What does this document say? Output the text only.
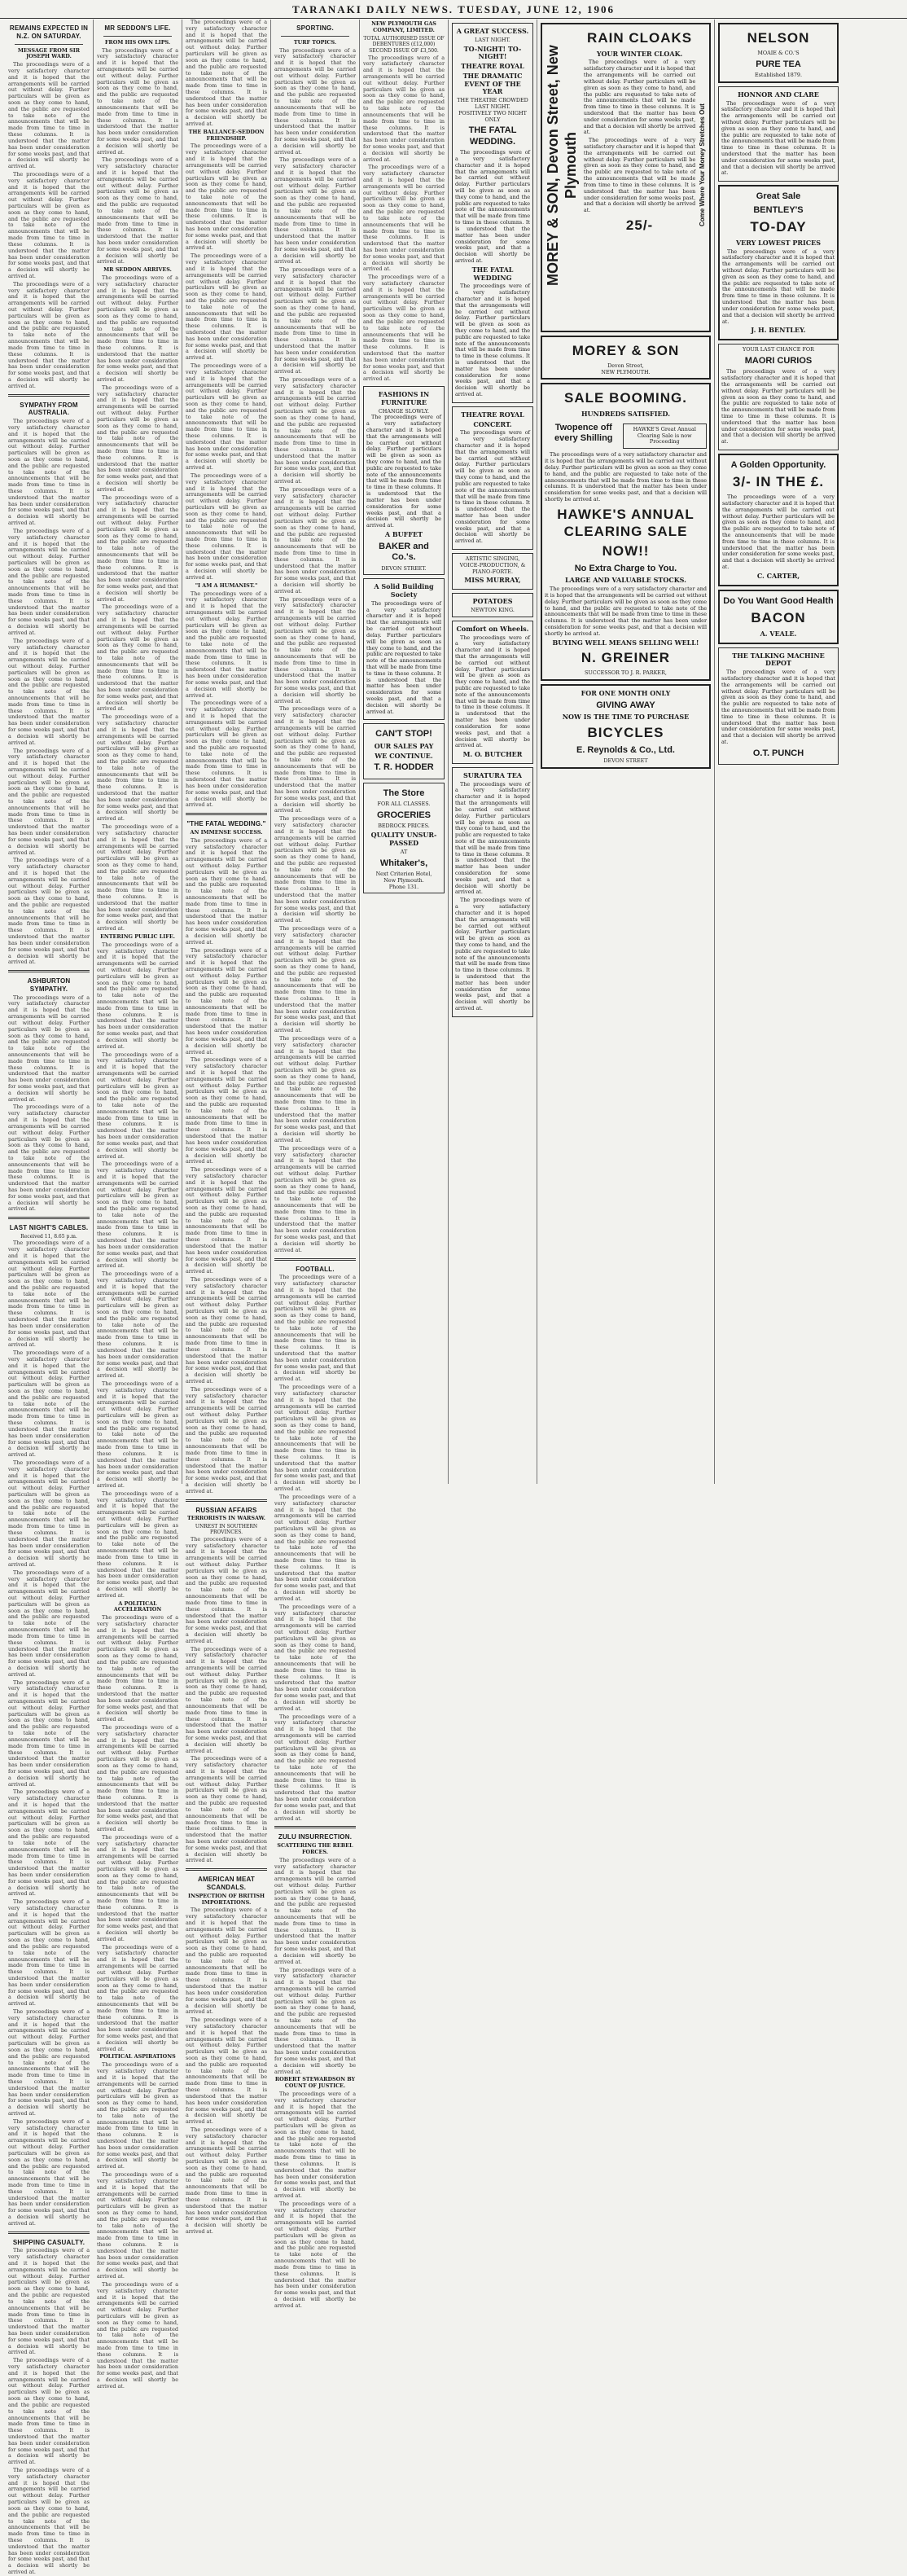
TARANAKI DAILY NEWS. TUESDAY, JUNE 12, 1906
REMAINS EXPECTED IN N.Z. ON SATURDAY.
MESSAGE FROM SIR JOSEPH WARD.

The proceedings were of a very satisfactory character and it is hoped that the arrangements will be carried out without delay. Further particulars will be given as soon as they come to hand, and the public are requested to take note of the announcements that will be made from time to time in these columns. It is understood that the matter has been under consideration for some weeks past, and that a decision will shortly be arrived at.

The proceedings were of a very satisfactory character and it is hoped that the arrangements will be carried out without delay. Further particulars will be given as soon as they come to hand, and the public are requested to take note of the announcements that will be made from time to time in these columns. It is understood that the matter has been under consideration for some weeks past, and that a decision will shortly be arrived at.

The proceedings were of a very satisfactory character and it is hoped that the arrangements will be carried out without delay. Further particulars will be given as soon as they come to hand, and the public are requested to take note of the announcements that will be made from time to time in these columns. It is understood that the matter has been under consideration for some weeks past, and that a decision will shortly be arrived at.

SYMPATHY FROM AUSTRALIA.

The proceedings were of a very satisfactory character and it is hoped that the arrangements will be carried out without delay. Further particulars will be given as soon as they come to hand, and the public are requested to take note of the announcements that will be made from time to time in these columns. It is understood that the matter has been under consideration for some weeks past, and that a decision will shortly be arrived at.

The proceedings were of a very satisfactory character and it is hoped that the arrangements will be carried out without delay. Further particulars will be given as soon as they come to hand, and the public are requested to take note of the announcements that will be made from time to time in these columns. It is understood that the matter has been under consideration for some weeks past, and that a decision will shortly be arrived at.

The proceedings were of a very satisfactory character and it is hoped that the arrangements will be carried out without delay. Further particulars will be given as soon as they come to hand, and the public are requested to take note of the announcements that will be made from time to time in these columns. It is understood that the matter has been under consideration for some weeks past, and that a decision will shortly be arrived at.

The proceedings were of a very satisfactory character and it is hoped that the arrangements will be carried out without delay. Further particulars will be given as soon as they come to hand, and the public are requested to take note of the announcements that will be made from time to time in these columns. It is understood that the matter has been under consideration for some weeks past, and that a decision will shortly be arrived at.

The proceedings were of a very satisfactory character and it is hoped that the arrangements will be carried out without delay. Further particulars will be given as soon as they come to hand, and the public are requested to take note of the announcements that will be made from time to time in these columns. It is understood that the matter has been under consideration for some weeks past, and that a decision will shortly be arrived at.

ASHBURTON SYMPATHY.

The proceedings were of a very satisfactory character and it is hoped that the arrangements will be carried out without delay. Further particulars will be given as soon as they come to hand, and the public are requested to take note of the announcements that will be made from time to time in these columns. It is understood that the matter has been under consideration for some weeks past, and that a decision will shortly be arrived at.

The proceedings were of a very satisfactory character and it is hoped that the arrangements will be carried out without delay. Further particulars will be given as soon as they come to hand, and the public are requested to take note of the announcements that will be made from time to time in these columns. It is understood that the matter has been under consideration for some weeks past, and that a decision will shortly be arrived at.

LAST NIGHT'S CABLES.
Received 11, 8.65 p.m.

The proceedings were of a very satisfactory character and it is hoped that the arrangements will be carried out without delay. Further particulars will be given as soon as they come to hand, and the public are requested to take note of the announcements that will be made from time to time in these columns. It is understood that the matter has been under consideration for some weeks past, and that a decision will shortly be arrived at.

The proceedings were of a very satisfactory character and it is hoped that the arrangements will be carried out without delay. Further particulars will be given as soon as they come to hand, and the public are requested to take note of the announcements that will be made from time to time in these columns. It is understood that the matter has been under consideration for some weeks past, and that a decision will shortly be arrived at.

The proceedings were of a very satisfactory character and it is hoped that the arrangements will be carried out without delay. Further particulars will be given as soon as they come to hand, and the public are requested to take note of the announcements that will be made from time to time in these columns. It is understood that the matter has been under consideration for some weeks past, and that a decision will shortly be arrived at.

The proceedings were of a very satisfactory character and it is hoped that the arrangements will be carried out without delay. Further particulars will be given as soon as they come to hand, and the public are requested to take note of the announcements that will be made from time to time in these columns. It is understood that the matter has been under consideration for some weeks past, and that a decision will shortly be arrived at.

The proceedings were of a very satisfactory character and it is hoped that the arrangements will be carried out without delay. Further particulars will be given as soon as they come to hand, and the public are requested to take note of the announcements that will be made from time to time in these columns. It is understood that the matter has been under consideration for some weeks past, and that a decision will shortly be arrived at.

The proceedings were of a very satisfactory character and it is hoped that the arrangements will be carried out without delay. Further particulars will be given as soon as they come to hand, and the public are requested to take note of the announcements that will be made from time to time in these columns. It is understood that the matter has been under consideration for some weeks past, and that a decision will shortly be arrived at.

The proceedings were of a very satisfactory character and it is hoped that the arrangements will be carried out without delay. Further particulars will be given as soon as they come to hand, and the public are requested to take note of the announcements that will be made from time to time in these columns. It is understood that the matter has been under consideration for some weeks past, and that a decision will shortly be arrived at.

The proceedings were of a very satisfactory character and it is hoped that the arrangements will be carried out without delay. Further particulars will be given as soon as they come to hand, and the public are requested to take note of the announcements that will be made from time to time in these columns. It is understood that the matter has been under consideration for some weeks past, and that a decision will shortly be arrived at.

The proceedings were of a very satisfactory character and it is hoped that the arrangements will be carried out without delay. Further particulars will be given as soon as they come to hand, and the public are requested to take note of the announcements that will be made from time to time in these columns. It is understood that the matter has been under consideration for some weeks past, and that a decision will shortly be arrived at.

SHIPPING CASUALTY.

The proceedings were of a very satisfactory character and it is hoped that the arrangements will be carried out without delay. Further particulars will be given as soon as they come to hand, and the public are requested to take note of the announcements that will be made from time to time in these columns. It is understood that the matter has been under consideration for some weeks past, and that a decision will shortly be arrived at.

The proceedings were of a very satisfactory character and it is hoped that the arrangements will be carried out without delay. Further particulars will be given as soon as they come to hand, and the public are requested to take note of the announcements that will be made from time to time in these columns. It is understood that the matter has been under consideration for some weeks past, and that a decision will shortly be arrived at.

The proceedings were of a very satisfactory character and it is hoped that the arrangements will be carried out without delay. Further particulars will be given as soon as they come to hand, and the public are requested to take note of the announcements that will be made from time to time in these columns. It is understood that the matter has been under consideration for some weeks past, and that a decision will shortly be arrived at.

MR SEDDON'S LIFE.
FROM HIS OWN LIPS.

The proceedings were of a very satisfactory character and it is hoped that the arrangements will be carried out without delay. Further particulars will be given as soon as they come to hand, and the public are requested to take note of the announcements that will be made from time to time in these columns. It is understood that the matter has been under consideration for some weeks past, and that a decision will shortly be arrived at.

The proceedings were of a very satisfactory character and it is hoped that the arrangements will be carried out without delay. Further particulars will be given as soon as they come to hand, and the public are requested to take note of the announcements that will be made from time to time in these columns. It is understood that the matter has been under consideration for some weeks past, and that a decision will shortly be arrived at.

MR SEDDON ARRIVES.

The proceedings were of a very satisfactory character and it is hoped that the arrangements will be carried out without delay. Further particulars will be given as soon as they come to hand, and the public are requested to take note of the announcements that will be made from time to time in these columns. It is understood that the matter has been under consideration for some weeks past, and that a decision will shortly be arrived at.

The proceedings were of a very satisfactory character and it is hoped that the arrangements will be carried out without delay. Further particulars will be given as soon as they come to hand, and the public are requested to take note of the announcements that will be made from time to time in these columns. It is understood that the matter has been under consideration for some weeks past, and that a decision will shortly be arrived at.

The proceedings were of a very satisfactory character and it is hoped that the arrangements will be carried out without delay. Further particulars will be given as soon as they come to hand, and the public are requested to take note of the announcements that will be made from time to time in these columns. It is understood that the matter has been under consideration for some weeks past, and that a decision will shortly be arrived at.

The proceedings were of a very satisfactory character and it is hoped that the arrangements will be carried out without delay. Further particulars will be given as soon as they come to hand, and the public are requested to take note of the announcements that will be made from time to time in these columns. It is understood that the matter has been under consideration for some weeks past, and that a decision will shortly be arrived at.

The proceedings were of a very satisfactory character and it is hoped that the arrangements will be carried out without delay. Further particulars will be given as soon as they come to hand, and the public are requested to take note of the announcements that will be made from time to time in these columns. It is understood that the matter has been under consideration for some weeks past, and that a decision will shortly be arrived at.

The proceedings were of a very satisfactory character and it is hoped that the arrangements will be carried out without delay. Further particulars will be given as soon as they come to hand, and the public are requested to take note of the announcements that will be made from time to time in these columns. It is understood that the matter has been under consideration for some weeks past, and that a decision will shortly be arrived at.

ENTERING PUBLIC LIFE.

The proceedings were of a very satisfactory character and it is hoped that the arrangements will be carried out without delay. Further particulars will be given as soon as they come to hand, and the public are requested to take note of the announcements that will be made from time to time in these columns. It is understood that the matter has been under consideration for some weeks past, and that a decision will shortly be arrived at.

The proceedings were of a very satisfactory character and it is hoped that the arrangements will be carried out without delay. Further particulars will be given as soon as they come to hand, and the public are requested to take note of the announcements that will be made from time to time in these columns. It is understood that the matter has been under consideration for some weeks past, and that a decision will shortly be arrived at.

The proceedings were of a very satisfactory character and it is hoped that the arrangements will be carried out without delay. Further particulars will be given as soon as they come to hand, and the public are requested to take note of the announcements that will be made from time to time in these columns. It is understood that the matter has been under consideration for some weeks past, and that a decision will shortly be arrived at.

The proceedings were of a very satisfactory character and it is hoped that the arrangements will be carried out without delay. Further particulars will be given as soon as they come to hand, and the public are requested to take note of the announcements that will be made from time to time in these columns. It is understood that the matter has been under consideration for some weeks past, and that a decision will shortly be arrived at.

The proceedings were of a very satisfactory character and it is hoped that the arrangements will be carried out without delay. Further particulars will be given as soon as they come to hand, and the public are requested to take note of the announcements that will be made from time to time in these columns. It is understood that the matter has been under consideration for some weeks past, and that a decision will shortly be arrived at.

The proceedings were of a very satisfactory character and it is hoped that the arrangements will be carried out without delay. Further particulars will be given as soon as they come to hand, and the public are requested to take note of the announcements that will be made from time to time in these columns. It is understood that the matter has been under consideration for some weeks past, and that a decision will shortly be arrived at.

A POLITICAL ACCELERATION

The proceedings were of a very satisfactory character and it is hoped that the arrangements will be carried out without delay. Further particulars will be given as soon as they come to hand, and the public are requested to take note of the announcements that will be made from time to time in these columns. It is understood that the matter has been under consideration for some weeks past, and that a decision will shortly be arrived at.

The proceedings were of a very satisfactory character and it is hoped that the arrangements will be carried out without delay. Further particulars will be given as soon as they come to hand, and the public are requested to take note of the announcements that will be made from time to time in these columns. It is understood that the matter has been under consideration for some weeks past, and that a decision will shortly be arrived at.

The proceedings were of a very satisfactory character and it is hoped that the arrangements will be carried out without delay. Further particulars will be given as soon as they come to hand, and the public are requested to take note of the announcements that will be made from time to time in these columns. It is understood that the matter has been under consideration for some weeks past, and that a decision will shortly be arrived at.

The proceedings were of a very satisfactory character and it is hoped that the arrangements will be carried out without delay. Further particulars will be given as soon as they come to hand, and the public are requested to take note of the announcements that will be made from time to time in these columns. It is understood that the matter has been under consideration for some weeks past, and that a decision will shortly be arrived at.

POLITICAL ASPIRATIONS

The proceedings were of a very satisfactory character and it is hoped that the arrangements will be carried out without delay. Further particulars will be given as soon as they come to hand, and the public are requested to take note of the announcements that will be made from time to time in these columns. It is understood that the matter has been under consideration for some weeks past, and that a decision will shortly be arrived at.

The proceedings were of a very satisfactory character and it is hoped that the arrangements will be carried out without delay. Further particulars will be given as soon as they come to hand, and the public are requested to take note of the announcements that will be made from time to time in these columns. It is understood that the matter has been under consideration for some weeks past, and that a decision will shortly be arrived at.

The proceedings were of a very satisfactory character and it is hoped that the arrangements will be carried out without delay. Further particulars will be given as soon as they come to hand, and the public are requested to take note of the announcements that will be made from time to time in these columns. It is understood that the matter has been under consideration for some weeks past, and that a decision will shortly be arrived at.

The proceedings were of a very satisfactory character and it is hoped that the arrangements will be carried out without delay. Further particulars will be given as soon as they come to hand, and the public are requested to take note of the announcements that will be made from time to time in these columns. It is understood that the matter has been under consideration for some weeks past, and that a decision will shortly be arrived at.

THE BALLANCE-SEDDON FRIENDSHIP.

The proceedings were of a very satisfactory character and it is hoped that the arrangements will be carried out without delay. Further particulars will be given as soon as they come to hand, and the public are requested to take note of the announcements that will be made from time to time in these columns. It is understood that the matter has been under consideration for some weeks past, and that a decision will shortly be arrived at.

The proceedings were of a very satisfactory character and it is hoped that the arrangements will be carried out without delay. Further particulars will be given as soon as they come to hand, and the public are requested to take note of the announcements that will be made from time to time in these columns. It is understood that the matter has been under consideration for some weeks past, and that a decision will shortly be arrived at.

The proceedings were of a very satisfactory character and it is hoped that the arrangements will be carried out without delay. Further particulars will be given as soon as they come to hand, and the public are requested to take note of the announcements that will be made from time to time in these columns. It is understood that the matter has been under consideration for some weeks past, and that a decision will shortly be arrived at.

The proceedings were of a very satisfactory character and it is hoped that the arrangements will be carried out without delay. Further particulars will be given as soon as they come to hand, and the public are requested to take note of the announcements that will be made from time to time in these columns. It is understood that the matter has been under consideration for some weeks past, and that a decision will shortly be arrived at.

"I AM A HUMANIST."

The proceedings were of a very satisfactory character and it is hoped that the arrangements will be carried out without delay. Further particulars will be given as soon as they come to hand, and the public are requested to take note of the announcements that will be made from time to time in these columns. It is understood that the matter has been under consideration for some weeks past, and that a decision will shortly be arrived at.

The proceedings were of a very satisfactory character and it is hoped that the arrangements will be carried out without delay. Further particulars will be given as soon as they come to hand, and the public are requested to take note of the announcements that will be made from time to time in these columns. It is understood that the matter has been under consideration for some weeks past, and that a decision will shortly be arrived at.

"THE FATAL WEDDING."
AN IMMENSE SUCCESS.

The proceedings were of a very satisfactory character and it is hoped that the arrangements will be carried out without delay. Further particulars will be given as soon as they come to hand, and the public are requested to take note of the announcements that will be made from time to time in these columns. It is understood that the matter has been under consideration for some weeks past, and that a decision will shortly be arrived at.

The proceedings were of a very satisfactory character and it is hoped that the arrangements will be carried out without delay. Further particulars will be given as soon as they come to hand, and the public are requested to take note of the announcements that will be made from time to time in these columns. It is understood that the matter has been under consideration for some weeks past, and that a decision will shortly be arrived at.

The proceedings were of a very satisfactory character and it is hoped that the arrangements will be carried out without delay. Further particulars will be given as soon as they come to hand, and the public are requested to take note of the announcements that will be made from time to time in these columns. It is understood that the matter has been under consideration for some weeks past, and that a decision will shortly be arrived at.

The proceedings were of a very satisfactory character and it is hoped that the arrangements will be carried out without delay. Further particulars will be given as soon as they come to hand, and the public are requested to take note of the announcements that will be made from time to time in these columns. It is understood that the matter has been under consideration for some weeks past, and that a decision will shortly be arrived at.

The proceedings were of a very satisfactory character and it is hoped that the arrangements will be carried out without delay. Further particulars will be given as soon as they come to hand, and the public are requested to take note of the announcements that will be made from time to time in these columns. It is understood that the matter has been under consideration for some weeks past, and that a decision will shortly be arrived at.

The proceedings were of a very satisfactory character and it is hoped that the arrangements will be carried out without delay. Further particulars will be given as soon as they come to hand, and the public are requested to take note of the announcements that will be made from time to time in these columns. It is understood that the matter has been under consideration for some weeks past, and that a decision will shortly be arrived at.

RUSSIAN AFFAIRS
TERRORISTS IN WARSAW.
UNREST IN SOUTHERN PROVINCES.

The proceedings were of a very satisfactory character and it is hoped that the arrangements will be carried out without delay. Further particulars will be given as soon as they come to hand, and the public are requested to take note of the announcements that will be made from time to time in these columns. It is understood that the matter has been under consideration for some weeks past, and that a decision will shortly be arrived at.

The proceedings were of a very satisfactory character and it is hoped that the arrangements will be carried out without delay. Further particulars will be given as soon as they come to hand, and the public are requested to take note of the announcements that will be made from time to time in these columns. It is understood that the matter has been under consideration for some weeks past, and that a decision will shortly be arrived at.

The proceedings were of a very satisfactory character and it is hoped that the arrangements will be carried out without delay. Further particulars will be given as soon as they come to hand, and the public are requested to take note of the announcements that will be made from time to time in these columns. It is understood that the matter has been under consideration for some weeks past, and that a decision will shortly be arrived at.

AMERICAN MEAT SCANDALS.
INSPECTION OF BRITISH IMPORTATIONS.

The proceedings were of a very satisfactory character and it is hoped that the arrangements will be carried out without delay. Further particulars will be given as soon as they come to hand, and the public are requested to take note of the announcements that will be made from time to time in these columns. It is understood that the matter has been under consideration for some weeks past, and that a decision will shortly be arrived at.

The proceedings were of a very satisfactory character and it is hoped that the arrangements will be carried out without delay. Further particulars will be given as soon as they come to hand, and the public are requested to take note of the announcements that will be made from time to time in these columns. It is understood that the matter has been under consideration for some weeks past, and that a decision will shortly be arrived at.

The proceedings were of a very satisfactory character and it is hoped that the arrangements will be carried out without delay. Further particulars will be given as soon as they come to hand, and the public are requested to take note of the announcements that will be made from time to time in these columns. It is understood that the matter has been under consideration for some weeks past, and that a decision will shortly be arrived at.

SPORTING.
TURF TOPICS.

The proceedings were of a very satisfactory character and it is hoped that the arrangements will be carried out without delay. Further particulars will be given as soon as they come to hand, and the public are requested to take note of the announcements that will be made from time to time in these columns. It is understood that the matter has been under consideration for some weeks past, and that a decision will shortly be arrived at.

The proceedings were of a very satisfactory character and it is hoped that the arrangements will be carried out without delay. Further particulars will be given as soon as they come to hand, and the public are requested to take note of the announcements that will be made from time to time in these columns. It is understood that the matter has been under consideration for some weeks past, and that a decision will shortly be arrived at.

The proceedings were of a very satisfactory character and it is hoped that the arrangements will be carried out without delay. Further particulars will be given as soon as they come to hand, and the public are requested to take note of the announcements that will be made from time to time in these columns. It is understood that the matter has been under consideration for some weeks past, and that a decision will shortly be arrived at.

The proceedings were of a very satisfactory character and it is hoped that the arrangements will be carried out without delay. Further particulars will be given as soon as they come to hand, and the public are requested to take note of the announcements that will be made from time to time in these columns. It is understood that the matter has been under consideration for some weeks past, and that a decision will shortly be arrived at.

The proceedings were of a very satisfactory character and it is hoped that the arrangements will be carried out without delay. Further particulars will be given as soon as they come to hand, and the public are requested to take note of the announcements that will be made from time to time in these columns. It is understood that the matter has been under consideration for some weeks past, and that a decision will shortly be arrived at.

The proceedings were of a very satisfactory character and it is hoped that the arrangements will be carried out without delay. Further particulars will be given as soon as they come to hand, and the public are requested to take note of the announcements that will be made from time to time in these columns. It is understood that the matter has been under consideration for some weeks past, and that a decision will shortly be arrived at.

The proceedings were of a very satisfactory character and it is hoped that the arrangements will be carried out without delay. Further particulars will be given as soon as they come to hand, and the public are requested to take note of the announcements that will be made from time to time in these columns. It is understood that the matter has been under consideration for some weeks past, and that a decision will shortly be arrived at.

The proceedings were of a very satisfactory character and it is hoped that the arrangements will be carried out without delay. Further particulars will be given as soon as they come to hand, and the public are requested to take note of the announcements that will be made from time to time in these columns. It is understood that the matter has been under consideration for some weeks past, and that a decision will shortly be arrived at.

The proceedings were of a very satisfactory character and it is hoped that the arrangements will be carried out without delay. Further particulars will be given as soon as they come to hand, and the public are requested to take note of the announcements that will be made from time to time in these columns. It is understood that the matter has been under consideration for some weeks past, and that a decision will shortly be arrived at.

The proceedings were of a very satisfactory character and it is hoped that the arrangements will be carried out without delay. Further particulars will be given as soon as they come to hand, and the public are requested to take note of the announcements that will be made from time to time in these columns. It is understood that the matter has been under consideration for some weeks past, and that a decision will shortly be arrived at.

The proceedings were of a very satisfactory character and it is hoped that the arrangements will be carried out without delay. Further particulars will be given as soon as they come to hand, and the public are requested to take note of the announcements that will be made from time to time in these columns. It is understood that the matter has been under consideration for some weeks past, and that a decision will shortly be arrived at.

FOOTBALL.

The proceedings were of a very satisfactory character and it is hoped that the arrangements will be carried out without delay. Further particulars will be given as soon as they come to hand, and the public are requested to take note of the announcements that will be made from time to time in these columns. It is understood that the matter has been under consideration for some weeks past, and that a decision will shortly be arrived at.

The proceedings were of a very satisfactory character and it is hoped that the arrangements will be carried out without delay. Further particulars will be given as soon as they come to hand, and the public are requested to take note of the announcements that will be made from time to time in these columns. It is understood that the matter has been under consideration for some weeks past, and that a decision will shortly be arrived at.

The proceedings were of a very satisfactory character and it is hoped that the arrangements will be carried out without delay. Further particulars will be given as soon as they come to hand, and the public are requested to take note of the announcements that will be made from time to time in these columns. It is understood that the matter has been under consideration for some weeks past, and that a decision will shortly be arrived at.

The proceedings were of a very satisfactory character and it is hoped that the arrangements will be carried out without delay. Further particulars will be given as soon as they come to hand, and the public are requested to take note of the announcements that will be made from time to time in these columns. It is understood that the matter has been under consideration for some weeks past, and that a decision will shortly be arrived at.

The proceedings were of a very satisfactory character and it is hoped that the arrangements will be carried out without delay. Further particulars will be given as soon as they come to hand, and the public are requested to take note of the announcements that will be made from time to time in these columns. It is understood that the matter has been under consideration for some weeks past, and that a decision will shortly be arrived at.

ZULU INSURRECTION.
SCATTERING THE REBEL FORCES.

The proceedings were of a very satisfactory character and it is hoped that the arrangements will be carried out without delay. Further particulars will be given as soon as they come to hand, and the public are requested to take note of the announcements that will be made from time to time in these columns. It is understood that the matter has been under consideration for some weeks past, and that a decision will shortly be arrived at.

The proceedings were of a very satisfactory character and it is hoped that the arrangements will be carried out without delay. Further particulars will be given as soon as they come to hand, and the public are requested to take note of the announcements that will be made from time to time in these columns. It is understood that the matter has been under consideration for some weeks past, and that a decision will shortly be arrived at.

ROBERT STEWARDSON BY COUNT OF JUSTICE.

The proceedings were of a very satisfactory character and it is hoped that the arrangements will be carried out without delay. Further particulars will be given as soon as they come to hand, and the public are requested to take note of the announcements that will be made from time to time in these columns. It is understood that the matter has been under consideration for some weeks past, and that a decision will shortly be arrived at.

The proceedings were of a very satisfactory character and it is hoped that the arrangements will be carried out without delay. Further particulars will be given as soon as they come to hand, and the public are requested to take note of the announcements that will be made from time to time in these columns. It is understood that the matter has been under consideration for some weeks past, and that a decision will shortly be arrived at.

NEW PLYMOUTH GAS COMPANY, LIMITED.
TOTAL AUTHORISED ISSUE OF DEBENTURES (£12,000)
SECOND ISSUE OF £3,500.

The proceedings were of a very satisfactory character and it is hoped that the arrangements will be carried out without delay. Further particulars will be given as soon as they come to hand, and the public are requested to take note of the announcements that will be made from time to time in these columns. It is understood that the matter has been under consideration for some weeks past, and that a decision will shortly be arrived at.

The proceedings were of a very satisfactory character and it is hoped that the arrangements will be carried out without delay. Further particulars will be given as soon as they come to hand, and the public are requested to take note of the announcements that will be made from time to time in these columns. It is understood that the matter has been under consideration for some weeks past, and that a decision will shortly be arrived at.

The proceedings were of a very satisfactory character and it is hoped that the arrangements will be carried out without delay. Further particulars will be given as soon as they come to hand, and the public are requested to take note of the announcements that will be made from time to time in these columns. It is understood that the matter has been under consideration for some weeks past, and that a decision will shortly be arrived at.

FASHIONS IN FURNITURE
CHANGE SLOWLY.

The proceedings were of a very satisfactory character and it is hoped that the arrangements will be carried out without delay. Further particulars will be given as soon as they come to hand, and the public are requested to take note of the announcements that will be made from time to time in these columns. It is understood that the matter has been under consideration for some weeks past, and that a decision will shortly be arrived at.

A BUFFET
BAKER and Co.'s.
DEVON STREET.
A Solid Building Society

The proceedings were of a very satisfactory character and it is hoped that the arrangements will be carried out without delay. Further particulars will be given as soon as they come to hand, and the public are requested to take note of the announcements that will be made from time to time in these columns. It is understood that the matter has been under consideration for some weeks past, and that a decision will shortly be arrived at.

CAN'T STOP!
OUR SALES PAY
WE CONTINUE.
T. R. HODDER
The Store
FOR ALL CLASSES.
GROCERIES
BEDROCK PRICES.
QUALITY UNSUR-PASSED
AT
Whitaker's,
Next Criterion Hotel,
New Plymouth.
Phone 131.
A GREAT SUCCESS.
LAST NIGHT.
TO-NIGHT! TO-NIGHT!
THEATRE ROYAL
THE DRAMATIC EVENT OF THE YEAR
THE THEATRE CROWDED LAST NIGHT.
POSITIVELY TWO NIGHT ONLY
THE FATAL WEDDING.

The proceedings were of a very satisfactory character and it is hoped that the arrangements will be carried out without delay. Further particulars will be given as soon as they come to hand, and the public are requested to take note of the announcements that will be made from time to time in these columns. It is understood that the matter has been under consideration for some weeks past, and that a decision will shortly be arrived at.

THE FATAL WEDDING

The proceedings were of a very satisfactory character and it is hoped that the arrangements will be carried out without delay. Further particulars will be given as soon as they come to hand, and the public are requested to take note of the announcements that will be made from time to time in these columns. It is understood that the matter has been under consideration for some weeks past, and that a decision will shortly be arrived at.

THEATRE ROYAL
CONCERT.

The proceedings were of a very satisfactory character and it is hoped that the arrangements will be carried out without delay. Further particulars will be given as soon as they come to hand, and the public are requested to take note of the announcements that will be made from time to time in these columns. It is understood that the matter has been under consideration for some weeks past, and that a decision will shortly be arrived at.

ARTISTIC SINGING, VOICE-PRODUCTION, & PIANO-FORTE.
MISS MURRAY,
POTATOES
NEWTON KING.
Comfort on Wheels.

The proceedings were of a very satisfactory character and it is hoped that the arrangements will be carried out without delay. Further particulars will be given as soon as they come to hand, and the public are requested to take note of the announcements that will be made from time to time in these columns. It is understood that the matter has been under consideration for some weeks past, and that a decision will shortly be arrived at.

M. O. BUTCHER
SURATURA TEA

The proceedings were of a very satisfactory character and it is hoped that the arrangements will be carried out without delay. Further particulars will be given as soon as they come to hand, and the public are requested to take note of the announcements that will be made from time to time in these columns. It is understood that the matter has been under consideration for some weeks past, and that a decision will shortly be arrived at.

The proceedings were of a very satisfactory character and it is hoped that the arrangements will be carried out without delay. Further particulars will be given as soon as they come to hand, and the public are requested to take note of the announcements that will be made from time to time in these columns. It is understood that the matter has been under consideration for some weeks past, and that a decision will shortly be arrived at.

MOREY & SON, Devon Street, New Plymouth
RAIN CLOAKS
YOUR WINTER CLOAK.

The proceedings were of a very satisfactory character and it is hoped that the arrangements will be carried out without delay. Further particulars will be given as soon as they come to hand, and the public are requested to take note of the announcements that will be made from time to time in these columns. It is understood that the matter has been under consideration for some weeks past, and that a decision will shortly be arrived at.

The proceedings were of a very satisfactory character and it is hoped that the arrangements will be carried out without delay. Further particulars will be given as soon as they come to hand, and the public are requested to take note of the announcements that will be made from time to time in these columns. It is understood that the matter has been under consideration for some weeks past, and that a decision will shortly be arrived at.

25/-	Come Where Your Money Stretches Out
MOREY & SON
Devon Street,
NEW PLYMOUTH.
SALE BOOMING.
HUNDREDS SATISFIED.
Twopence off every Shilling
HAWKE'S Great Annual Clearing Sale is now Proceeding

The proceedings were of a very satisfactory character and it is hoped that the arrangements will be carried out without delay. Further particulars will be given as soon as they come to hand, and the public are requested to take note of the announcements that will be made from time to time in these columns. It is understood that the matter has been under consideration for some weeks past, and that a decision will shortly be arrived at.

HAWKE'S ANNUAL CLEARING SALE
NOW!!
No Extra Charge to You.
LARGE AND VALUABLE STOCKS.

The proceedings were of a very satisfactory character and it is hoped that the arrangements will be carried out without delay. Further particulars will be given as soon as they come to hand, and the public are requested to take note of the announcements that will be made from time to time in these columns. It is understood that the matter has been under consideration for some weeks past, and that a decision will shortly be arrived at.

BUYING WELL MEANS SELLING WELL!
N. GREINER
SUCCESSOR TO J. R. PARKER,
FOR ONE MONTH ONLY
GIVING AWAY
NOW IS THE TIME TO PURCHASE
BICYCLES
E. Reynolds & Co., Ltd.
DEVON STREET
NELSON
MOAIE & CO.'S
PURE TEA
Established 1879.
HONNOR AND CLARE

The proceedings were of a very satisfactory character and it is hoped that the arrangements will be carried out without delay. Further particulars will be given as soon as they come to hand, and the public are requested to take note of the announcements that will be made from time to time in these columns. It is understood that the matter has been under consideration for some weeks past, and that a decision will shortly be arrived at.

Great Sale
BENTLEY'S
TO-DAY
VERY LOWEST PRICES

The proceedings were of a very satisfactory character and it is hoped that the arrangements will be carried out without delay. Further particulars will be given as soon as they come to hand, and the public are requested to take note of the announcements that will be made from time to time in these columns. It is understood that the matter has been under consideration for some weeks past, and that a decision will shortly be arrived at.

J. H. BENTLEY.
YOUR LAST CHANCE FOR
MAORI CURIOS

The proceedings were of a very satisfactory character and it is hoped that the arrangements will be carried out without delay. Further particulars will be given as soon as they come to hand, and the public are requested to take note of the announcements that will be made from time to time in these columns. It is understood that the matter has been under consideration for some weeks past, and that a decision will shortly be arrived at.

A Golden Opportunity.
3/- IN THE £.

The proceedings were of a very satisfactory character and it is hoped that the arrangements will be carried out without delay. Further particulars will be given as soon as they come to hand, and the public are requested to take note of the announcements that will be made from time to time in these columns. It is understood that the matter has been under consideration for some weeks past, and that a decision will shortly be arrived at.

C. CARTER,
Do You Want Good Health
BACON
A. VEALE.
THE TALKING MACHINE DEPOT

The proceedings were of a very satisfactory character and it is hoped that the arrangements will be carried out without delay. Further particulars will be given as soon as they come to hand, and the public are requested to take note of the announcements that will be made from time to time in these columns. It is understood that the matter has been under consideration for some weeks past, and that a decision will shortly be arrived at.

O.T. PUNCH
